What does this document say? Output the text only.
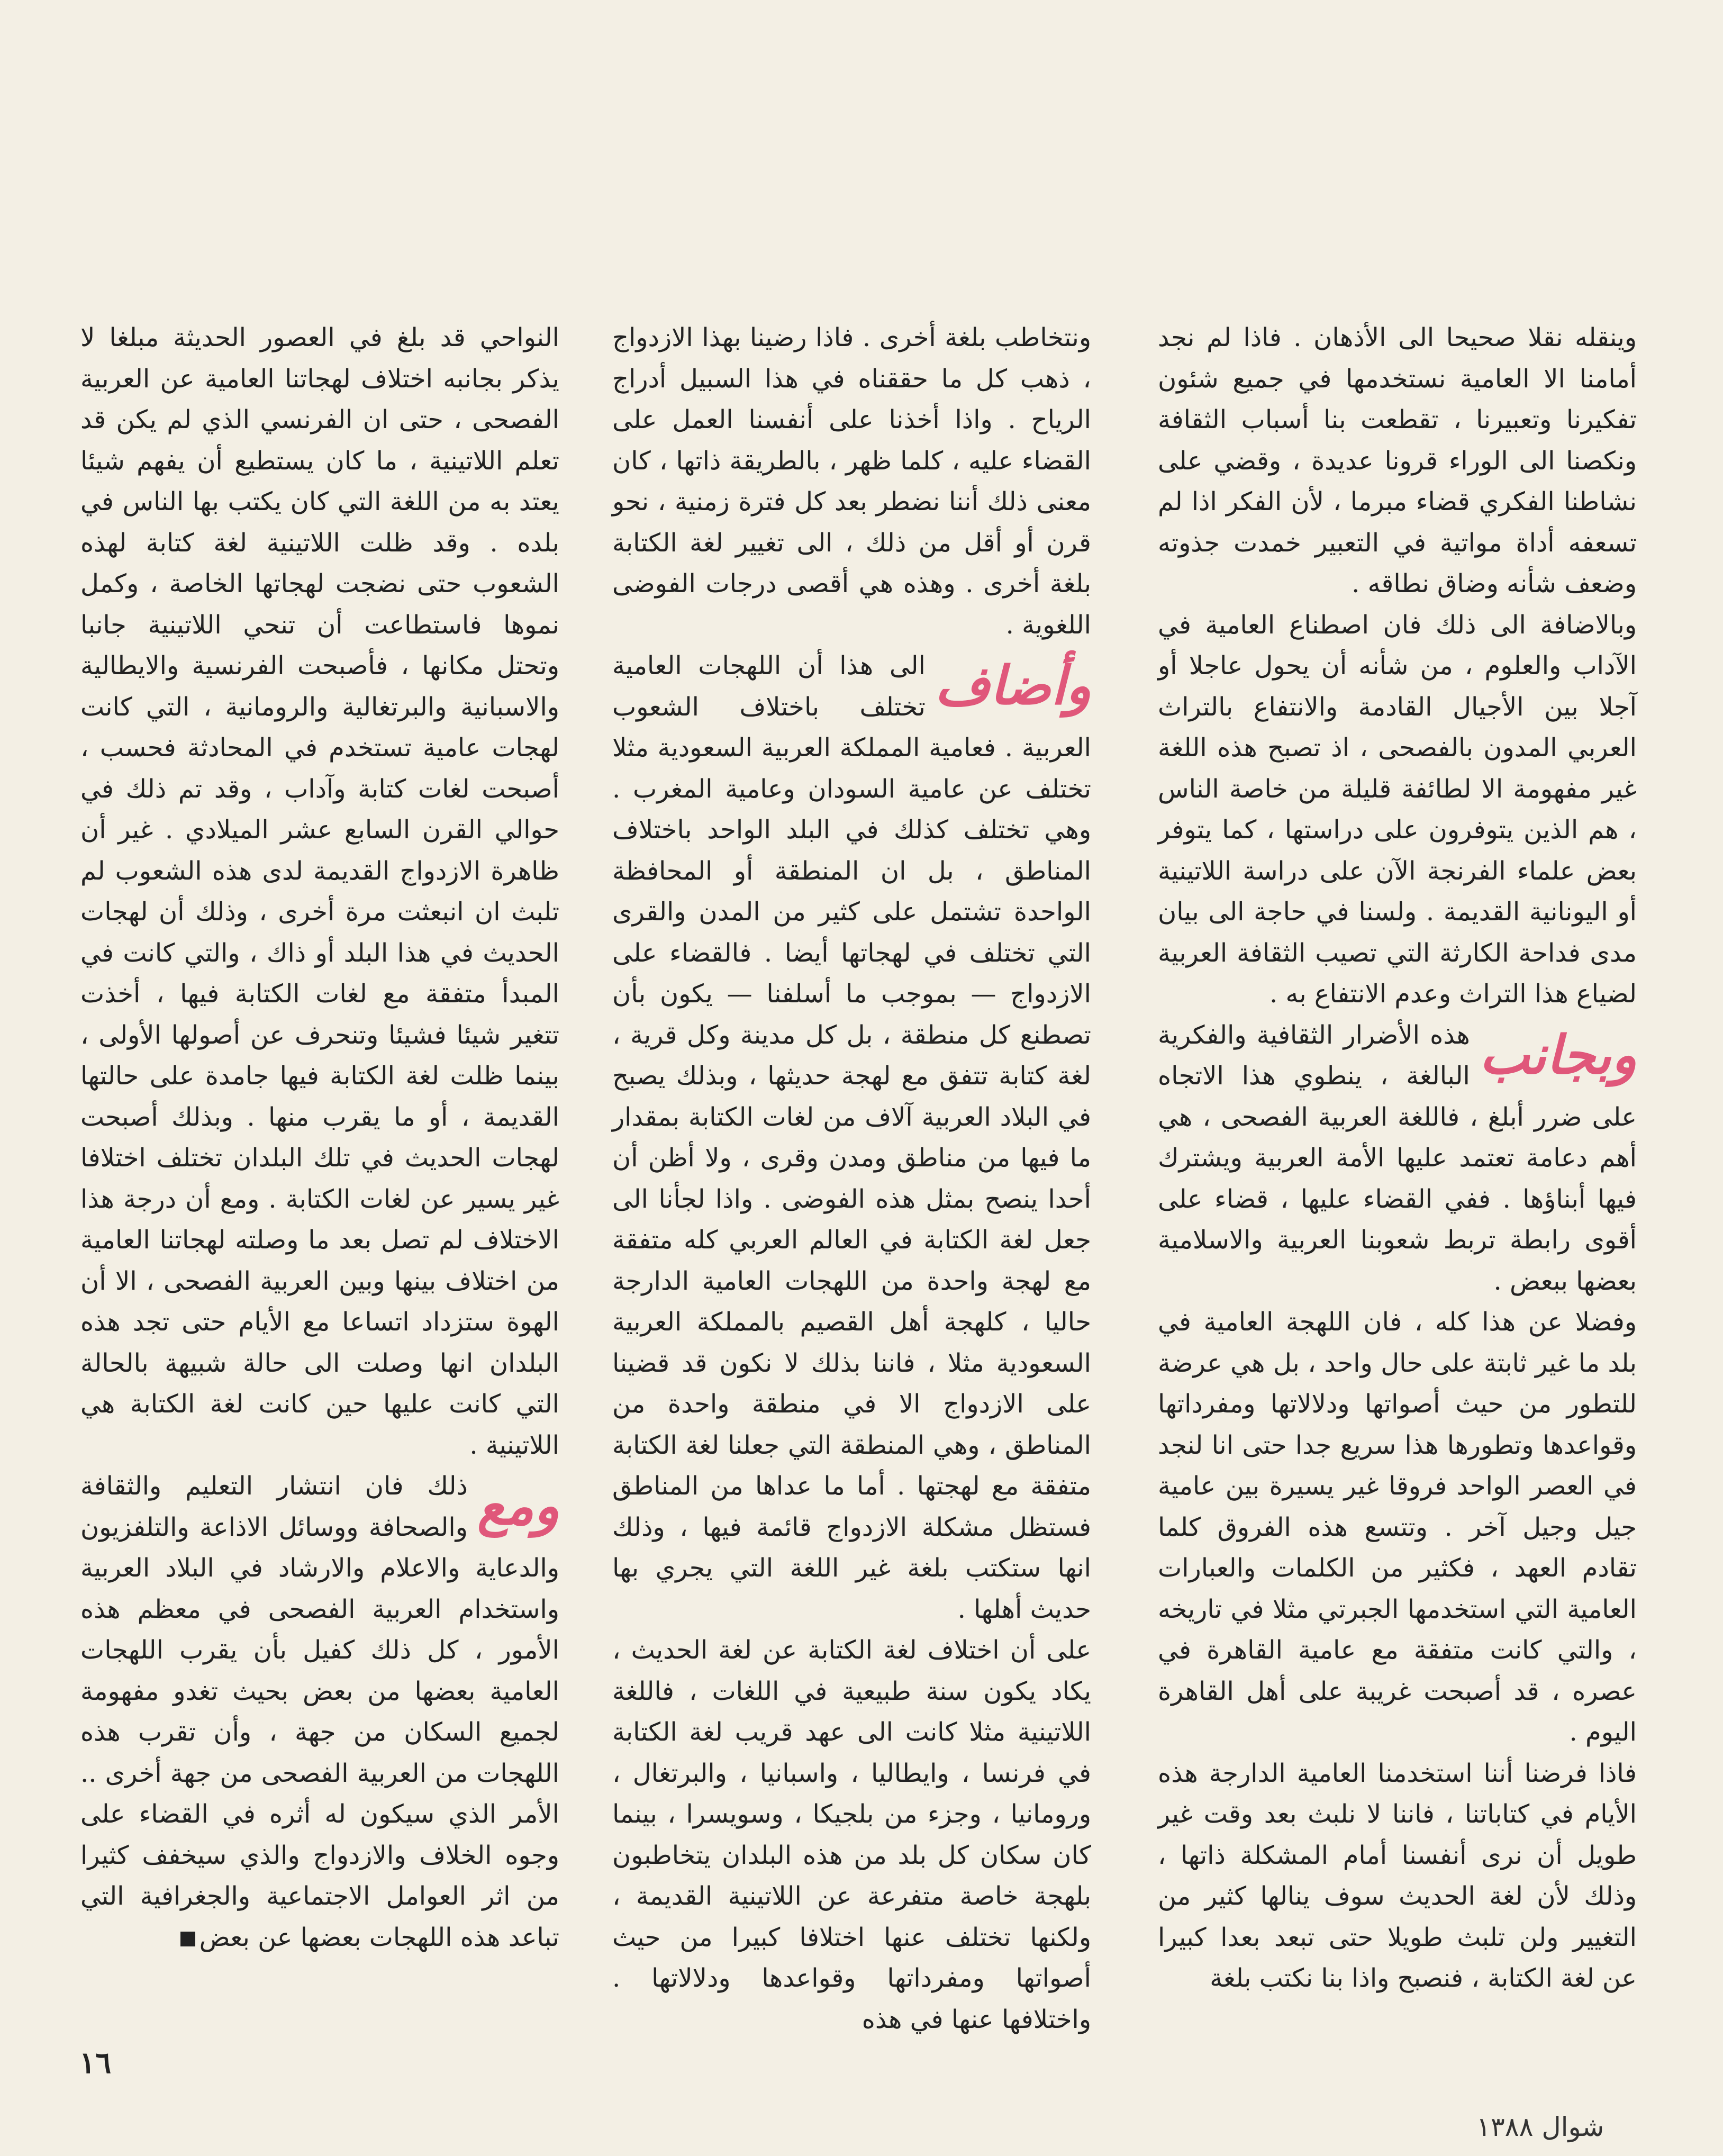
وينقله نقلا صحيحا الى الأذهان . فاذا لم نجد أمامنا الا العامية نستخدمها في جميع شئون تفكيرنا وتعبيرنا ، تقطعت بنا أسباب الثقافة ونكصنا الى الوراء قرونا عديدة ، وقضي على نشاطنا الفكري قضاء مبرما ، لأن الفكر اذا لم تسعفه أداة مواتية في التعبير خمدت جذوته وضعف شأنه وضاق نطاقه .

وبالاضافة الى ذلك فان اصطناع العامية في الآداب والعلوم ، من شأنه أن يحول عاجلا أو آجلا بين الأجيال القادمة والانتفاع بالتراث العربي المدون بالفصحى ، اذ تصبح هذه اللغة غير مفهومة الا لطائفة قليلة من خاصة الناس ، هم الذين يتوفرون على دراستها ، كما يتوفر بعض علماء الفرنجة الآن على دراسة اللاتينية أو اليونانية القديمة . ولسنا في حاجة الى بيان مدى فداحة الكارثة التي تصيب الثقافة العربية لضياع هذا التراث وعدم الانتفاع به .

وبجانب
هذه الأضرار الثقافية والفكرية البالغة ، ينطوي هذا الاتجاه على ضرر أبلغ ، فاللغة العربية الفصحى ، هي أهم دعامة تعتمد عليها الأمة العربية ويشترك فيها أبناؤها . ففي القضاء عليها ، قضاء على أقوى رابطة تربط شعوبنا العربية والاسلامية بعضها ببعض .

وفضلا عن هذا كله ، فان اللهجة العامية في بلد ما غير ثابتة على حال واحد ، بل هي عرضة للتطور من حيث أصواتها ودلالاتها ومفرداتها وقواعدها وتطورها هذا سريع جدا حتى انا لنجد في العصر الواحد فروقا غير يسيرة بين عامية جيل وجيل آخر . وتتسع هذه الفروق كلما تقادم العهد ، فكثير من الكلمات والعبارات العامية التي استخدمها الجبرتي مثلا في تاريخه ، والتي كانت متفقة مع عامية القاهرة في عصره ، قد أصبحت غريبة على أهل القاهرة اليوم .

فاذا فرضنا أننا استخدمنا العامية الدارجة هذه الأيام في كتاباتنا ، فاننا لا نلبث بعد وقت غير طويل أن نرى أنفسنا أمام المشكلة ذاتها ، وذلك لأن لغة الحديث سوف ينالها كثير من التغيير ولن تلبث طويلا حتى تبعد بعدا كبيرا عن لغة الكتابة ، فنصبح واذا بنا نكتب بلغة

ونتخاطب بلغة أخرى . فاذا رضينا بهذا الازدواج ، ذهب كل ما حققناه في هذا السبيل أدراج الرياح . واذا أخذنا على أنفسنا العمل على القضاء عليه ، كلما ظهر ، بالطريقة ذاتها ، كان معنى ذلك أننا نضطر بعد كل فترة زمنية ، نحو قرن أو أقل من ذلك ، الى تغيير لغة الكتابة بلغة أخرى . وهذه هي أقصى درجات الفوضى اللغوية .

وأضاف
الى هذا أن اللهجات العامية تختلف باختلاف الشعوب العربية . فعامية المملكة العربية السعودية مثلا تختلف عن عامية السودان وعامية المغرب . وهي تختلف كذلك في البلد الواحد باختلاف المناطق ، بل ان المنطقة أو المحافظة الواحدة تشتمل على كثير من المدن والقرى التي تختلف في لهجاتها أيضا . فالقضاء على الازدواج — بموجب ما أسلفنا — يكون بأن تصطنع كل منطقة ، بل كل مدينة وكل قرية ، لغة كتابة تتفق مع لهجة حديثها ، وبذلك يصبح في البلاد العربية آلاف من لغات الكتابة بمقدار ما فيها من مناطق ومدن وقرى ، ولا أظن أن أحدا ينصح بمثل هذه الفوضى . واذا لجأنا الى جعل لغة الكتابة في العالم العربي كله متفقة مع لهجة واحدة من اللهجات العامية الدارجة حاليا ، كلهجة أهل القصيم بالمملكة العربية السعودية مثلا ، فاننا بذلك لا نكون قد قضينا على الازدواج الا في منطقة واحدة من المناطق ، وهي المنطقة التي جعلنا لغة الكتابة متفقة مع لهجتها . أما ما عداها من المناطق فستظل مشكلة الازدواج قائمة فيها ، وذلك انها ستكتب بلغة غير اللغة التي يجري بها حديث أهلها .

على أن اختلاف لغة الكتابة عن لغة الحديث ، يكاد يكون سنة طبيعية في اللغات ، فاللغة اللاتينية مثلا كانت الى عهد قريب لغة الكتابة في فرنسا ، وايطاليا ، واسبانيا ، والبرتغال ، ورومانيا ، وجزء من بلجيكا ، وسويسرا ، بينما كان سكان كل بلد من هذه البلدان يتخاطبون بلهجة خاصة متفرعة عن اللاتينية القديمة ، ولكنها تختلف عنها اختلافا كبيرا من حيث أصواتها ومفرداتها وقواعدها ودلالاتها . واختلافها عنها في هذه

النواحي قد بلغ في العصور الحديثة مبلغا لا يذكر بجانبه اختلاف لهجاتنا العامية عن العربية الفصحى ، حتى ان الفرنسي الذي لم يكن قد تعلم اللاتينية ، ما كان يستطيع أن يفهم شيئا يعتد به من اللغة التي كان يكتب بها الناس في بلده . وقد ظلت اللاتينية لغة كتابة لهذه الشعوب حتى نضجت لهجاتها الخاصة ، وكمل نموها فاستطاعت أن تنحي اللاتينية جانبا وتحتل مكانها ، فأصبحت الفرنسية والايطالية والاسبانية والبرتغالية والرومانية ، التي كانت لهجات عامية تستخدم في المحادثة فحسب ، أصبحت لغات كتابة وآداب ، وقد تم ذلك في حوالي القرن السابع عشر الميلادي . غير أن ظاهرة الازدواج القديمة لدى هذه الشعوب لم تلبث ان انبعثت مرة أخرى ، وذلك أن لهجات الحديث في هذا البلد أو ذاك ، والتي كانت في المبدأ متفقة مع لغات الكتابة فيها ، أخذت تتغير شيئا فشيئا وتنحرف عن أصولها الأولى ، بينما ظلت لغة الكتابة فيها جامدة على حالتها القديمة ، أو ما يقرب منها . وبذلك أصبحت لهجات الحديث في تلك البلدان تختلف اختلافا غير يسير عن لغات الكتابة . ومع أن درجة هذا الاختلاف لم تصل بعد ما وصلته لهجاتنا العامية من اختلاف بينها وبين العربية الفصحى ، الا أن الهوة ستزداد اتساعا مع الأيام حتى تجد هذه البلدان انها وصلت الى حالة شبيهة بالحالة التي كانت عليها حين كانت لغة الكتابة هي اللاتينية .

ومع
ذلك فان انتشار التعليم والثقافة والصحافة ووسائل الاذاعة والتلفزيون والدعاية والاعلام والارشاد في البلاد العربية واستخدام العربية الفصحى في معظم هذه الأمور ، كل ذلك كفيل بأن يقرب اللهجات العامية بعضها من بعض بحيث تغدو مفهومة لجميع السكان من جهة ، وأن تقرب هذه اللهجات من العربية الفصحى من جهة أخرى .. الأمر الذي سيكون له أثره في القضاء على وجوه الخلاف والازدواج والذي سيخفف كثيرا من اثر العوامل الاجتماعية والجغرافية التي تباعد هذه اللهجات بعضها عن بعض

١٦
شوال ١٣٨٨
